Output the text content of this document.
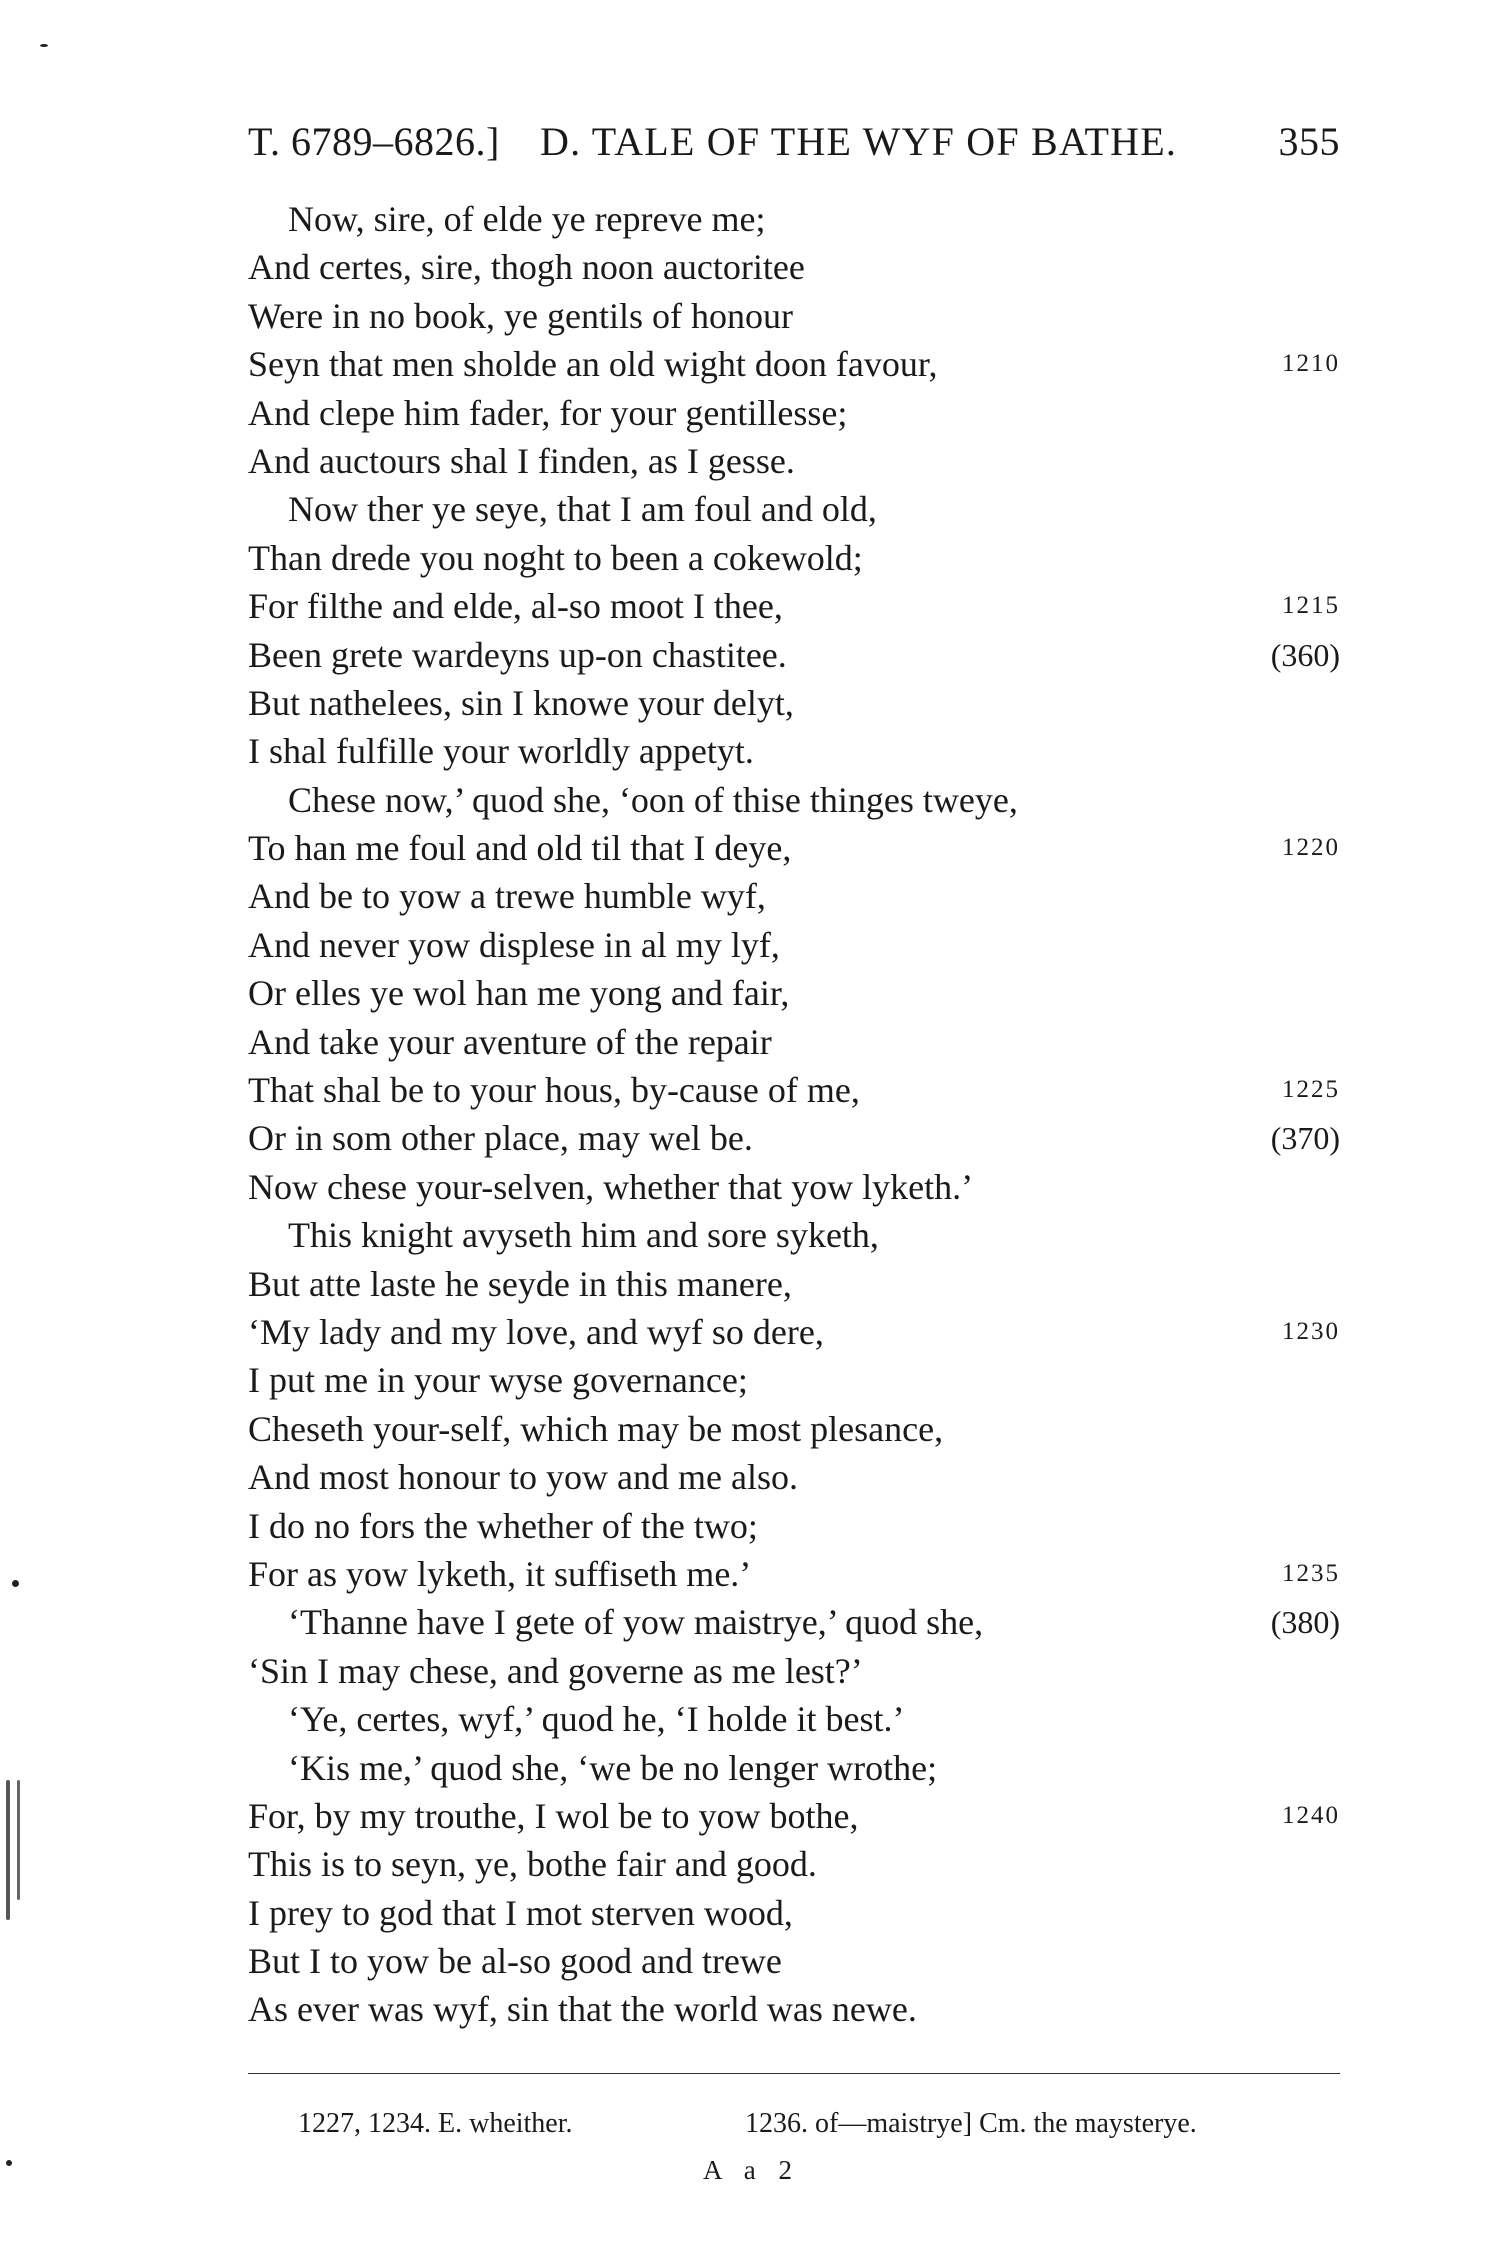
T. 6789–6826.] D. TALE OF THE WYF OF BATHE.	355
Now, sire, of elde ye repreve me;
And certes, sire, thogh noon auctoritee
Were in no book, ye gentils of honour
Seyn that men sholde an old wight doon favour,	1210
And clepe him fader, for your gentillesse;
And auctours shal I finden, as I gesse.
Now ther ye seye, that I am foul and old,
Than drede you noght to been a cokewold;
For filthe and elde, al-so moot I thee,	1215
Been grete wardeyns up-on chastitee.	(360)
But nathelees, sin I knowe your delyt,
I shal fulfille your worldly appetyt.
Chese now,’ quod she, ‘oon of thise thinges tweye,
To han me foul and old til that I deye,	1220
And be to yow a trewe humble wyf,
And never yow displese in al my lyf,
Or elles ye wol han me yong and fair,
And take your aventure of the repair
That shal be to your hous, by-cause of me,	1225
Or in som other place, may wel be.	(370)
Now chese your-selven, whether that yow lyketh.’
This knight avyseth him and sore syketh,
But atte laste he seyde in this manere,
‘My lady and my love, and wyf so dere,	1230
I put me in your wyse governance;
Cheseth your-self, which may be most plesance,
And most honour to yow and me also.
I do no fors the whether of the two;
For as yow lyketh, it suffiseth me.’	1235
‘Thanne have I gete of yow maistrye,’ quod she,	(380)
‘Sin I may chese, and governe as me lest?’
‘Ye, certes, wyf,’ quod he, ‘I holde it best.’
‘Kis me,’ quod she, ‘we be no lenger wrothe;
For, by my trouthe, I wol be to yow bothe,	1240
This is to seyn, ye, bothe fair and good.
I prey to god that I mot sterven wood,
But I to yow be al-so good and trewe
As ever was wyf, sin that the world was newe.
1227, 1234. E. wheither.	1236. of—maistrye] Cm. the maysterye.
A a 2
